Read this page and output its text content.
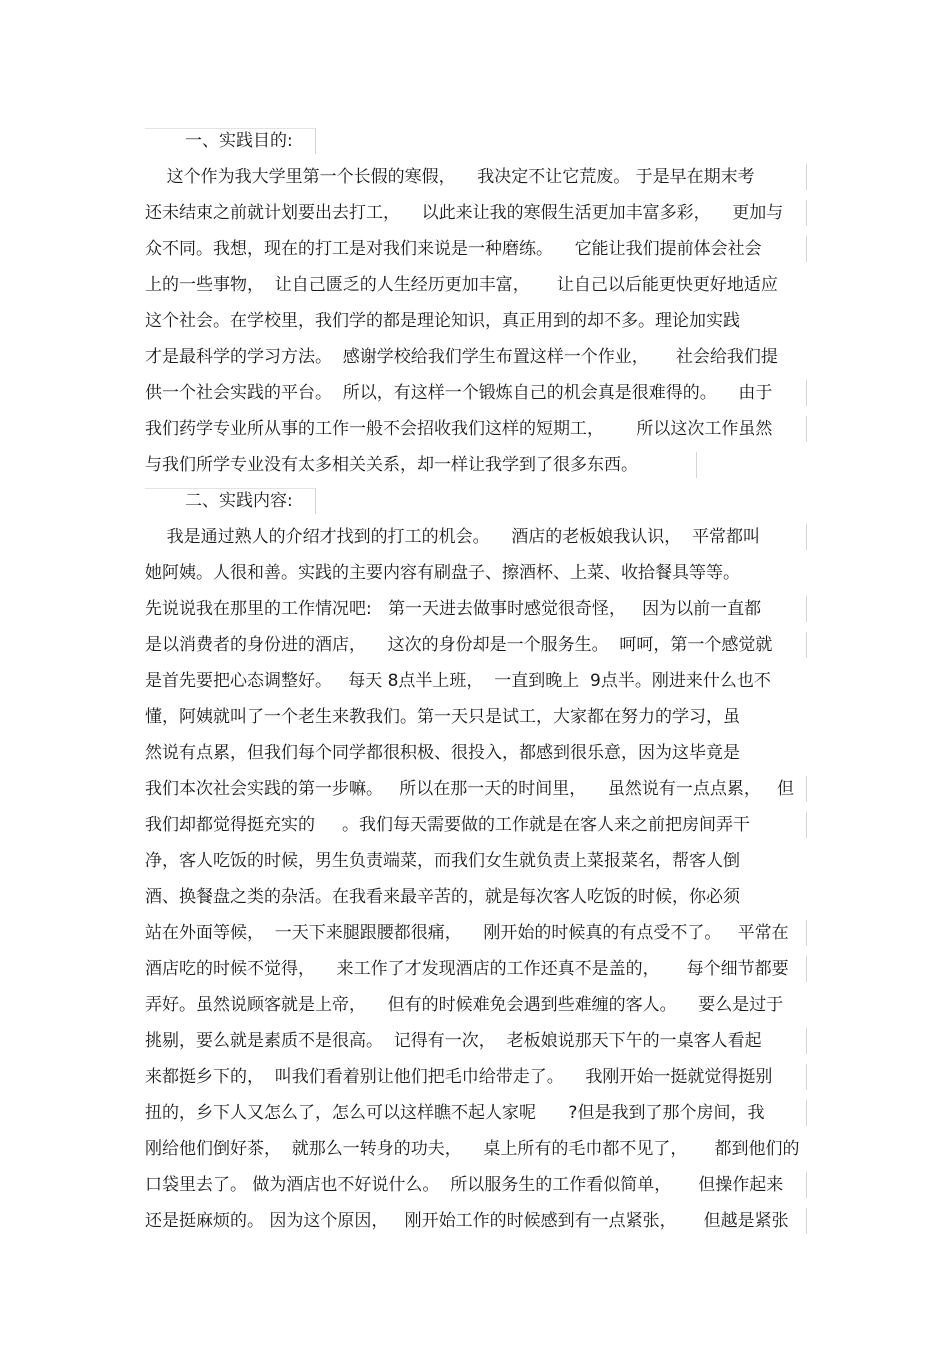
一、实践目的:
这个作为我大学里第一个长假的寒假，    我决定不让它荒废。 于是早在期末考
还未结束之前就计划要出去打工，    以此来让我的寒假生活更加丰富多彩，    更加与
众不同。我想，现在的打工是对我们来说是一种磨练。    它能让我们提前体会社会
上的一些事物，  让自己匮乏的人生经历更加丰富，     让自己以后能更快更好地适应
这个社会。在学校里，我们学的都是理论知识，真正用到的却不多。理论加实践
才是最科学的学习方法。  感谢学校给我们学生布置这样一个作业，     社会给我们提
供一个社会实践的平台。  所以，有这样一个锻炼自己的机会真是很难得的。    由于
我们药学专业所从事的工作一般不会招收我们这样的短期工，      所以这次工作虽然
与我们所学专业没有太多相关关系，却一样让我学到了很多东西。
二、实践内容:
我是通过熟人的介绍才找到的打工的机会。    酒店的老板娘我认识，  平常都叫
她阿姨。人很和善。实践的主要内容有刷盘子、擦酒杯、上菜、收拾餐具等等。
先说说我在那里的工作情况吧:   第一天进去做事时感觉很奇怪，   因为以前一直都
是以消费者的身份进的酒店，    这次的身份却是一个服务生。  呵呵，第一个感觉就
是首先要把心态调整好。   每天 8点半上班，  一直到晚上  9点半。刚进来什么也不
懂，阿姨就叫了一个老生来教我们。第一天只是试工，大家都在努力的学习，虽
然说有点累，但我们每个同学都很积极、很投入，都感到很乐意，因为这毕竟是
我们本次社会实践的第一步嘛。   所以在那一天的时间里，    虽然说有一点点累，   但
我们却都觉得挺充实的     。我们每天需要做的工作就是在客人来之前把房间弄干
净，客人吃饭的时候，男生负责端菜，而我们女生就负责上菜报菜名，帮客人倒
酒、换餐盘之类的杂活。在我看来最辛苦的，就是每次客人吃饭的时候，你必须
站在外面等候，  一天下来腿跟腰都很痛，    刚开始的时候真的有点受不了。   平常在
酒店吃的时候不觉得，    来工作了才发现酒店的工作还真不是盖的，     每个细节都要
弄好。虽然说顾客就是上帝，    但有的时候难免会遇到些难缠的客人。    要么是过于
挑剔，要么就是素质不是很高。  记得有一次，  老板娘说那天下午的一桌客人看起
来都挺乡下的，  叫我们看着别让他们把毛巾给带走了。    我刚开始一挺就觉得挺别
扭的，乡下人又怎么了，怎么可以这样瞧不起人家呢      ?但是我到了那个房间，我
刚给他们倒好茶，  就那么一转身的功夫，    桌上所有的毛巾都不见了，     都到他们的
口袋里去了。 做为酒店也不好说什么。  所以服务生的工作看似简单，     但操作起来
还是挺麻烦的。 因为这个原因，   刚开始工作的时候感到有一点紧张，     但越是紧张
